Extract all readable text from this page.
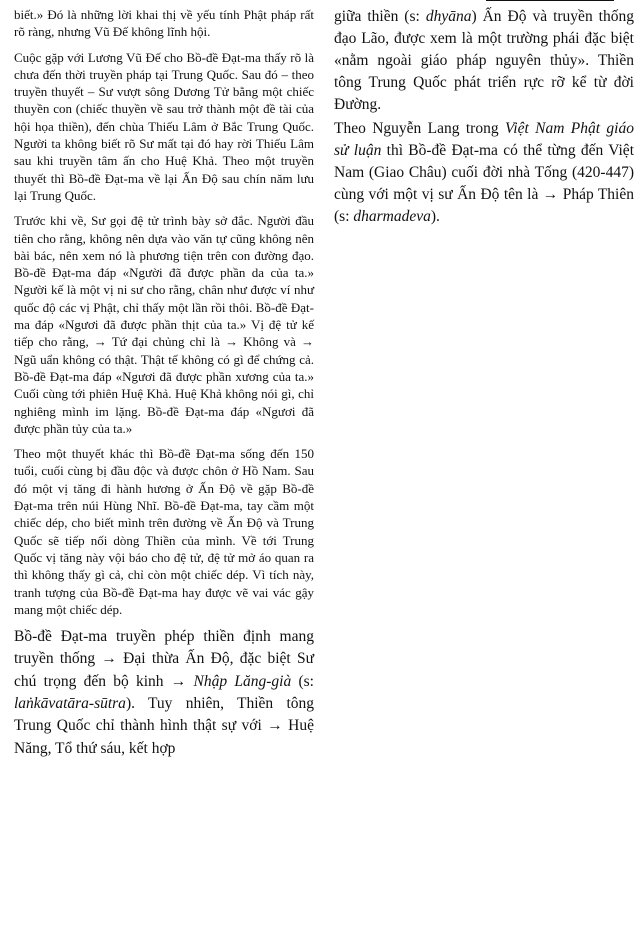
biết.» Đó là những lời khai thị về yếu tính Phật pháp rất rõ ràng, nhưng Vũ Đế không lĩnh hội.

Cuộc gặp với Lương Vũ Đế cho Bồ-đề Đạt-ma thấy rõ là chưa đến thời truyền pháp tại Trung Quốc. Sau đó – theo truyền thuyết – Sư vượt sông Dương Tử bằng một chiếc thuyền con (chiếc thuyền về sau trở thành một đề tài của hội họa thiền), đến chùa Thiếu Lâm ở Bắc Trung Quốc. Người ta không biết rõ Sư mất tại đó hay rời Thiếu Lâm sau khi truyền tâm ấn cho Huệ Khả. Theo một truyền thuyết thì Bồ-đề Đạt-ma về lại Ấn Độ sau chín năm lưu lại Trung Quốc.

Trước khi về, Sư gọi đệ tử trình bày sở đắc. Người đầu tiên cho rằng, không nên dựa vào văn tự cũng không nên bài bác, nên xem nó là phương tiện trên con đường đạo. Bồ-đề Đạt-ma đáp «Người đã được phần da của ta.» Người kế là một vị ni sư cho rằng, chân như được ví như quốc độ các vị Phật, chỉ thấy một lần rồi thôi. Bồ-đề Đạt-ma đáp «Ngươi đã được phần thịt của ta.» Vị đệ tử kế tiếp cho rằng, → Tứ đại chủng chỉ là → Không và → Ngũ uẩn không có thật. Thật tế không có gì để chứng cả. Bồ-đề Đạt-ma đáp «Ngươi đã được phần xương của ta.» Cuối cùng tới phiên Huệ Khả. Huệ Khả không nói gì, chỉ nghiêng mình im lặng. Bồ-đề Đạt-ma đáp «Ngươi đã được phần tủy của ta.»

Theo một thuyết khác thì Bồ-đề Đạt-ma sống đến 150 tuổi, cuối cùng bị đầu độc và được chôn ở Hồ Nam. Sau đó một vị tăng đi hành hương ở Ấn Độ về gặp Bồ-đề Đạt-ma trên núi Hùng Nhĩ. Bồ-đề Đạt-ma, tay cầm một chiếc dép, cho biết mình trên đường về Ấn Độ và Trung Quốc sẽ tiếp nối dòng Thiền của mình. Về tới Trung Quốc vị tăng này vội báo cho đệ tử, đệ tử mở áo quan ra thì không thấy gì cả, chỉ còn một chiếc dép. Vì tích này, tranh tượng của Bồ-đề Đạt-ma hay được vẽ vai vác gậy mang một chiếc dép.

Bồ-đề Đạt-ma truyền phép thiền định mang truyền thống → Đại thừa Ấn Độ, đặc biệt Sư chú trọng đến bộ kinh → Nhập Lăng-già (s: laṅkāvatāra-sūtra). Tuy nhiên, Thiền tông Trung Quốc chỉ thành hình thật sự với → Huệ Năng, Tổ thứ sáu, kết hợp

giữa thiền (s: dhyāna) Ấn Độ và truyền thống đạo Lão, được xem là một trường phái đặc biệt «nằm ngoài giáo pháp nguyên thủy». Thiền tông Trung Quốc phát triển rực rỡ kể từ đời Đường.

Theo Nguyễn Lang trong Việt Nam Phật giáo sử luận thì Bồ-đề Đạt-ma có thể từng đến Việt Nam (Giao Châu) cuối đời nhà Tống (420-447) cùng với một vị sư Ấn Độ tên là → Pháp Thiên (s: dharmadeva).
